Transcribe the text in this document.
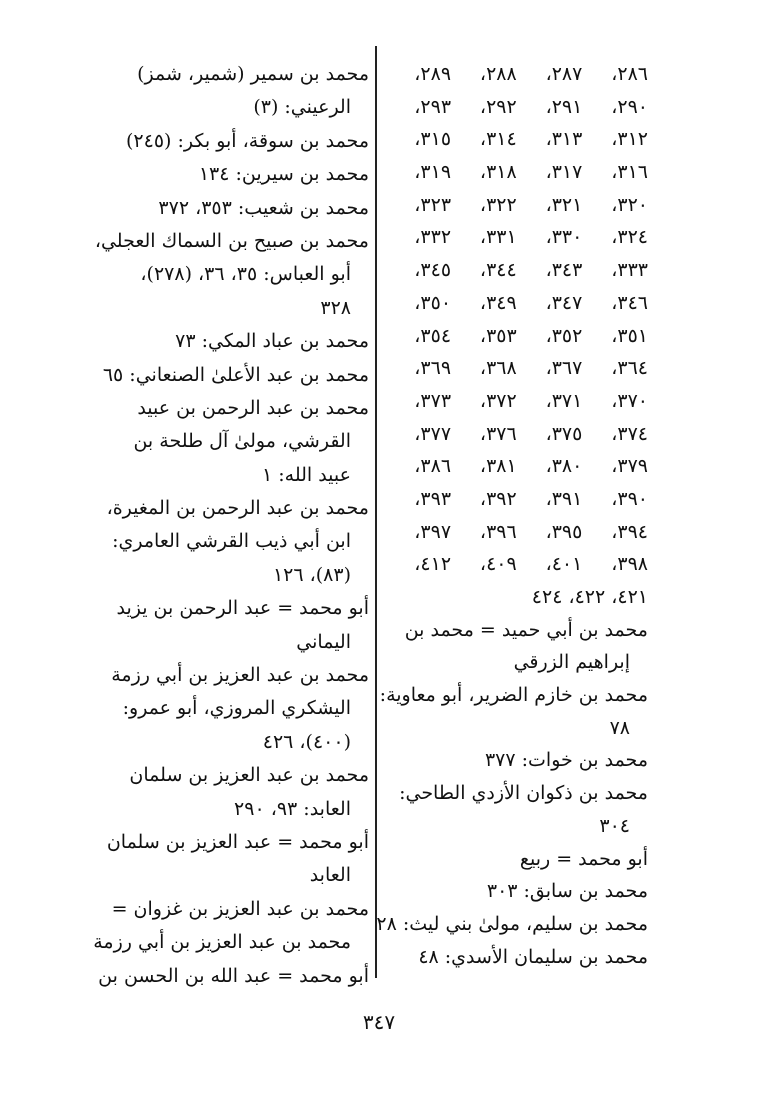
٢٨٦،
٢٨٧،
٢٨٨،
٢٨٩،
٢٩٠،
٢٩١،
٢٩٢،
٢٩٣،
٣١٢،
٣١٣،
٣١٤،
٣١٥،
٣١٦،
٣١٧،
٣١٨،
٣١٩،
٣٢٠،
٣٢١،
٣٢٢،
٣٢٣،
٣٢٤،
٣٣٠،
٣٣١،
٣٣٢،
٣٣٣،
٣٤٣،
٣٤٤،
٣٤٥،
٣٤٦،
٣٤٧،
٣٤٩،
٣٥٠،
٣٥١،
٣٥٢،
٣٥٣،
٣٥٤،
٣٦٤،
٣٦٧،
٣٦٨،
٣٦٩،
٣٧٠،
٣٧١،
٣٧٢،
٣٧٣،
٣٧٤،
٣٧٥،
٣٧٦،
٣٧٧،
٣٧٩،
٣٨٠،
٣٨١،
٣٨٦،
٣٩٠،
٣٩١،
٣٩٢،
٣٩٣،
٣٩٤،
٣٩٥،
٣٩٦،
٣٩٧،
٣٩٨،
٤٠١،
٤٠٩،
٤١٢،
٤٢١، ٤٢٢، ٤٢٤
محمد بن أبي حميد = محمد بن
إبراهيم الزرقي
محمد بن خازم الضرير، أبو معاوية:
٧٨
محمد بن خوات: ٣٧٧
محمد بن ذكوان الأزدي الطاحي:
٣٠٤
أبو محمد = ربيع
محمد بن سابق: ٣٠٣
محمد بن سليم، مولىٰ بني ليث: ٢٨
محمد بن سليمان الأسدي: ٤٨
محمد بن سمير (شمير، شمز)
الرعيني: (٣)
محمد بن سوقة، أبو بكر: (٢٤٥)
محمد بن سيرين: ١٣٤
محمد بن شعيب: ٣٥٣، ٣٧٢
محمد بن صبيح بن السماك العجلي،
أبو العباس: ٣٥، ٣٦، (٢٧٨)،
٣٢٨
محمد بن عباد المكي: ٧٣
محمد بن عبد الأعلىٰ الصنعاني: ٦٥
محمد بن عبد الرحمن بن عبيد
القرشي، مولىٰ آل طلحة بن
عبيد الله: ١
محمد بن عبد الرحمن بن المغيرة،
ابن أبي ذيب القرشي العامري:
(٨٣)، ١٢٦
أبو محمد = عبد الرحمن بن يزيد
اليماني
محمد بن عبد العزيز بن أبي رزمة
اليشكري المروزي، أبو عمرو:
(٤٠٠)، ٤٢٦
محمد بن عبد العزيز بن سلمان
العابد: ٩٣، ٢٩٠
أبو محمد = عبد العزيز بن سلمان
العابد
محمد بن عبد العزيز بن غزوان =
محمد بن عبد العزيز بن أبي رزمة
أبو محمد = عبد الله بن الحسن بن
٣٤٧
